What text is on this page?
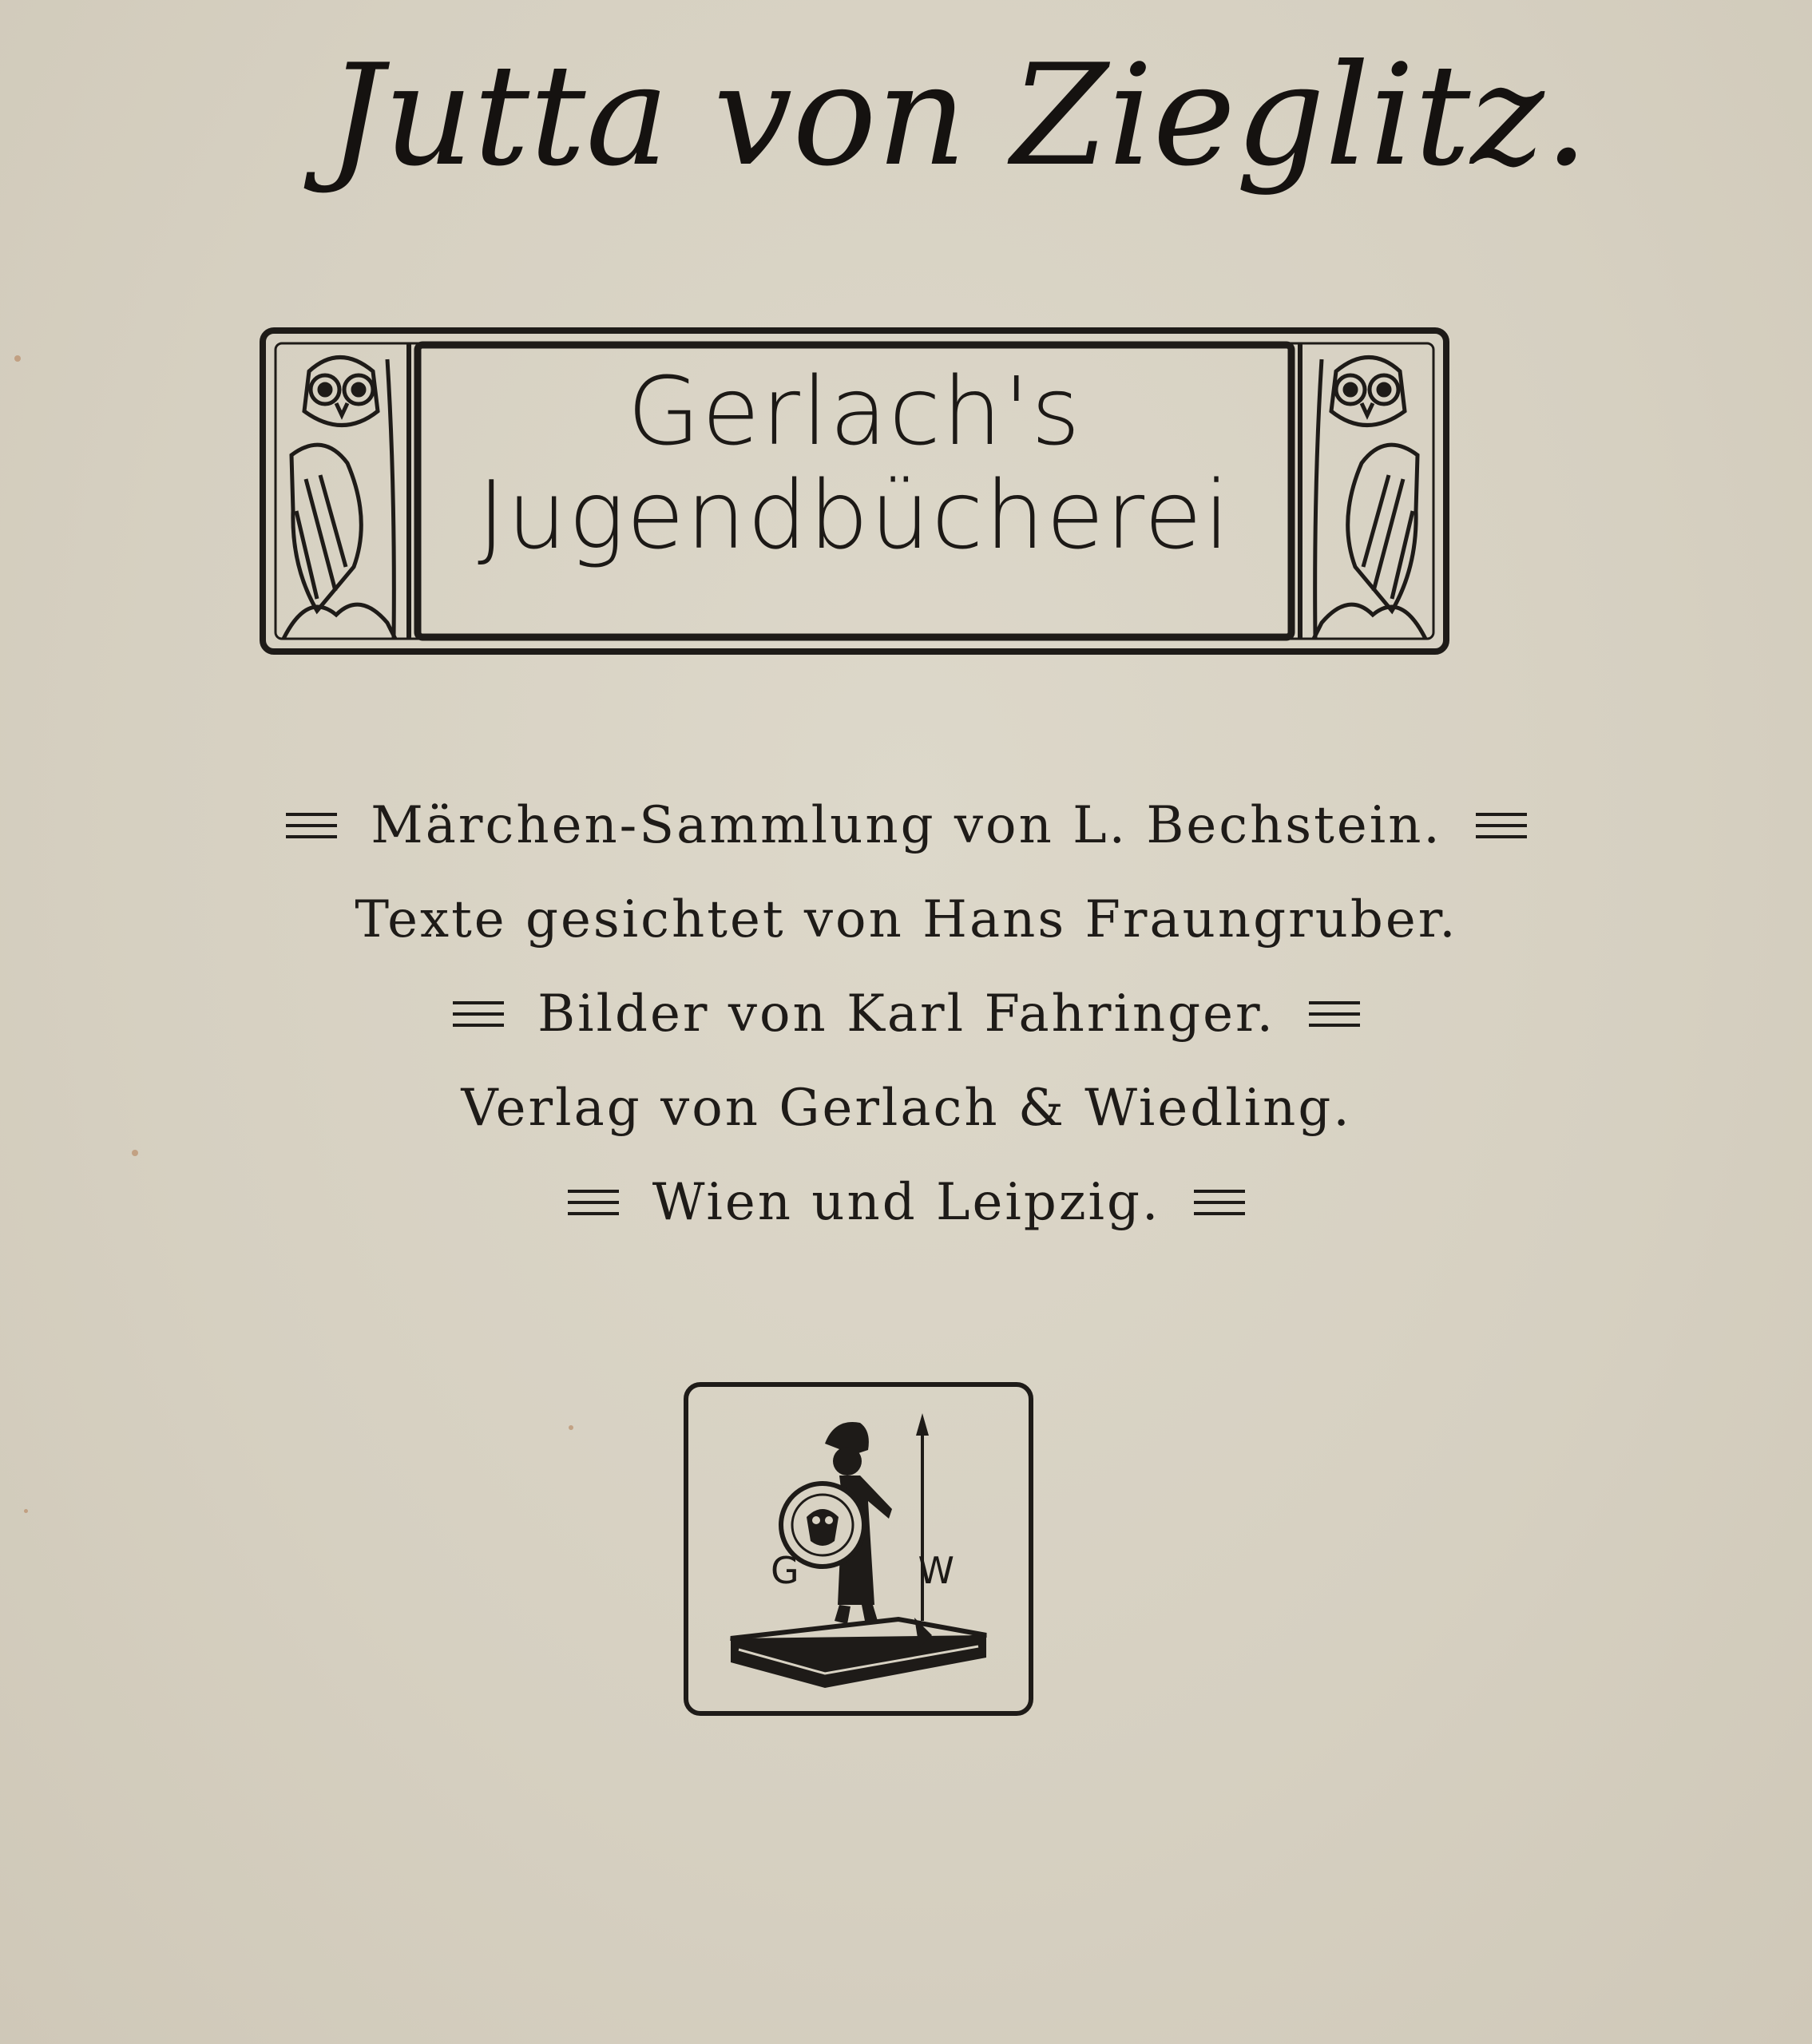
Jutta von Zieglitz.
Gerlach's
Jugendbücherei
Märchen-Sammlung von L. Bechstein.
Texte gesichtet von Hans Fraungruber.
Bilder von Karl Fahringer.
Verlag von Gerlach & Wiedling.
Wien und Leipzig.
G	W
